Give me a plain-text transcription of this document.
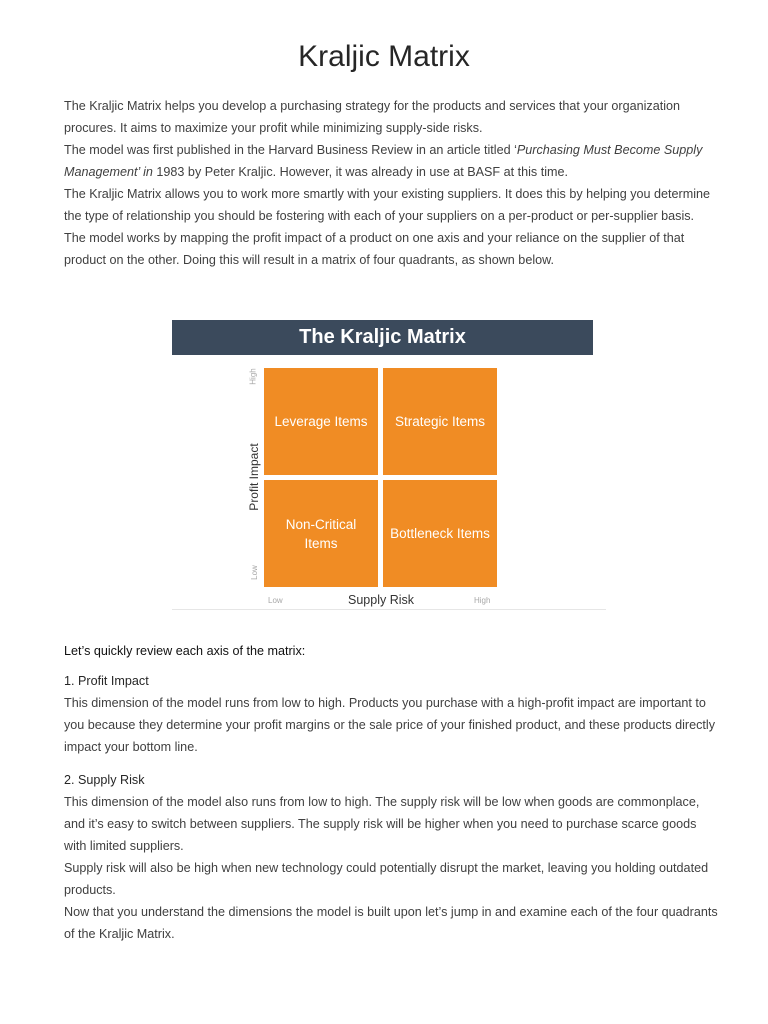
Kraljic Matrix

The Kraljic Matrix helps you develop a purchasing strategy for the products and services that your organization procures. It aims to maximize your profit while minimizing supply-side risks.

The model was first published in the Harvard Business Review in an article titled ‘Purchasing Must Become Supply Management’ in 1983 by Peter Kraljic. However, it was already in use at BASF at this time.

The Kraljic Matrix allows you to work more smartly with your existing suppliers. It does this by helping you determine the type of relationship you should be fostering with each of your suppliers on a per-product or per-supplier basis.

The model works by mapping the profit impact of a product on one axis and your reliance on the supplier of that product on the other. Doing this will result in a matrix of four quadrants, as shown below.

The Kraljic Matrix
High
Low
Profit Impact
Leverage Items	Strategic Items
Non-Critical Items
Bottleneck Items
Low	Supply Risk	High

Let’s quickly review each axis of the matrix:

1. Profit Impact

This dimension of the model runs from low to high. Products you purchase with a high-profit impact are important to you because they determine your profit margins or the sale price of your finished product, and these products directly impact your bottom line.

2. Supply Risk

This dimension of the model also runs from low to high. The supply risk will be low when goods are commonplace, and it’s easy to switch between suppliers. The supply risk will be higher when you need to purchase scarce goods with limited suppliers.

Supply risk will also be high when new technology could potentially disrupt the market, leaving you holding outdated products.

Now that you understand the dimensions the model is built upon let’s jump in and examine each of the four quadrants of the Kraljic Matrix.
